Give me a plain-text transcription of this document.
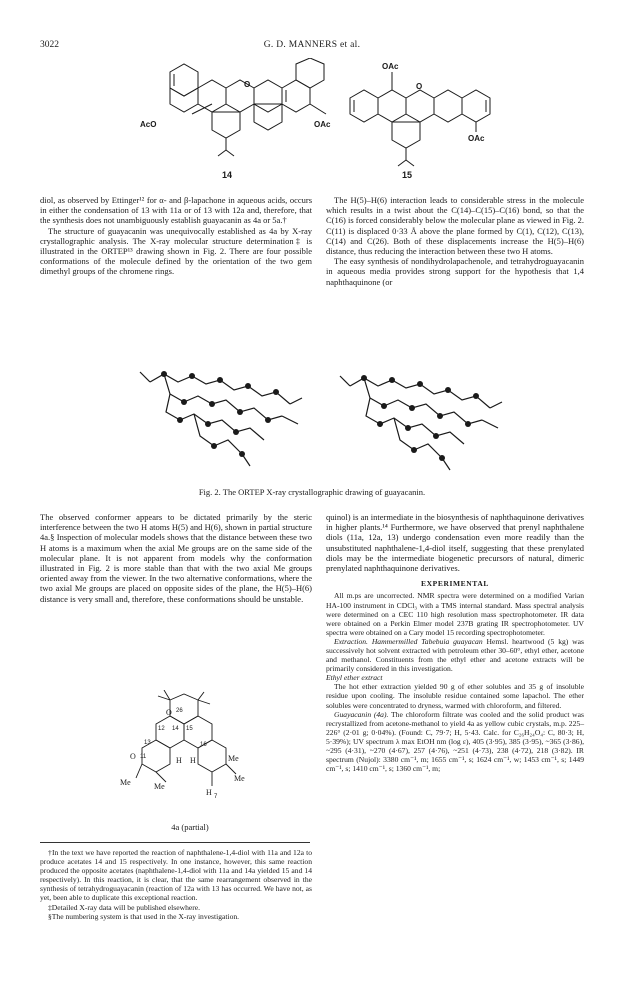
3022	G. D. MANNERS et al.
AcO	OAc
O
14
OAc
OAc
O
15

diol, as observed by Ettinger¹² for α- and β-lapachone in aqueous acids, occurs in either the condensation of 13 with 11a or of 13 with 12a and, therefore, that the synthesis does not unambiguously establish guayacanin as 4a or 5a.†

The structure of guayacanin was unequivocally established as 4a by X-ray crystallographic analysis. The X-ray molecular structure determination‡ is illustrated in the ORTEP¹³ drawing shown in Fig. 2. There are four possible conformations of the molecule defined by the orientation of the two gem dimethyl groups of the chromene rings.

The H(5)–H(6) interaction leads to considerable stress in the molecule which results in a twist about the C(14)–C(15)–C(16) bond, so that the C(16) is forced considerably below the molecular plane as viewed in Fig. 2. C(11) is displaced 0·33 Å above the plane formed by C(1), C(12), C(13), C(14) and C(26). Both of these displacements increase the H(5)–H(6) distance, thus reducing the interaction between these two H atoms.

The easy synthesis of nondihydrolapachenole, and tetrahydroguayacanin in aqueous media provides strong support for the hypothesis that 1,4 naphthaquinone (or

Fig. 2. The ORTEP X-ray crystallographic drawing of guayacanin.

The observed conformer appears to be dictated primarily by the steric interference between the two H atoms H(5) and H(6), shown in partial structure 4a.§ Inspection of molecular models shows that the distance between these two H atoms is a maximum when the axial Me groups are on the same side of the molecular plane. It is not apparent from models why the conformation illustrated in Fig. 2 is more stable than that with the two axial Me groups oriented away from the viewer. In the two alternative conformations, where the two axial Me groups are placed on opposite sides of the plane, the H(5)–H(6) distance is very small and, therefore, these conformations should be unstable.

O 26
12 14 15
13	16
O 11	H H	Me
Me	Me
H 7
Me
4a (partial)

†In the text we have reported the reaction of naphthalene-1,4-diol with 11a and 12a to produce acetates 14 and 15 respectively. In one instance, however, this same reaction produced the opposite acetates (naphthalene-1,4-diol with 11a and 14a yielded 15 and 14 respectively). In this reaction, it is clear, that the same rearrangement observed in the synthesis of tetrahydroguayacanin (reaction of 12a with 13 has occurred. We have not, as yet, been able to duplicate this exceptional reaction.

‡Detailed X-ray data will be published elsewhere.

§The numbering system is that used in the X-ray investigation.

quinol) is an intermediate in the biosynthesis of naphthaquinone derivatives in higher plants.¹⁴ Furthermore, we have observed that prenyl naphthalene diols (11a, 12a, 13) undergo condensation even more readily than the unsubstituted naphthalene-1,4-diol itself, suggesting that these prenylated diols may be the intermediate biogenetic precursors of natural, dimeric prenylated naphthaquinone derivatives.

EXPERIMENTAL

All m.ps are uncorrected. NMR spectra were determined on a modified Varian HA-100 instrument in CDCl₃ with a TMS internal standard. Mass spectral analysis were determined on a CEC 110 high resolution mass spectrophotometer. IR data were obtained on a Perkin Elmer model 237B grating IR spectrophotometer. UV spectra were obtained on a Cary model 15 recording spectrophotometer.

Extraction. Hammermilled Tabebuia guayacan Hemsl. heartwood (5 kg) was successively hot solvent extracted with petroleum ether 30–60°, ethyl ether, acetone and methanol. Constituents from the ethyl ether and acetone extracts will be primarily considered in this investigation.

Ethyl ether extract

The hot ether extraction yielded 90 g of ether solubles and 35 g of insoluble residue upon cooling. The insoluble residue contained some lapachol. The ether solubles were concentrated to dryness, warmed with chloroform, and filtered.

Guayacanin (4a). The chloroform filtrate was cooled and the solid product was recrystallized from acetone-methanol to yield 4a as yellow cubic crystals, m.p. 225–226° (2·01 g; 0·04%). (Found: C, 79·7; H, 5·43. Calc. for C₂₆H₂₄O₄: C, 80·3; H, 5·39%); UV spectrum λ max EtOH nm (log ε), 405 (3·95), 385 (3·95), ~365 (3·86), ~295 (4·31), ~270 (4·67), 257 (4·76), ~251 (4·73), 238 (4·72), 218 (3·82). IR spectrum (Nujol): 3380 cm⁻¹, m; 1655 cm⁻¹, s; 1624 cm⁻¹, w; 1453 cm⁻¹, s; 1449 cm⁻¹, s; 1410 cm⁻¹, s; 1360 cm⁻¹, m;
